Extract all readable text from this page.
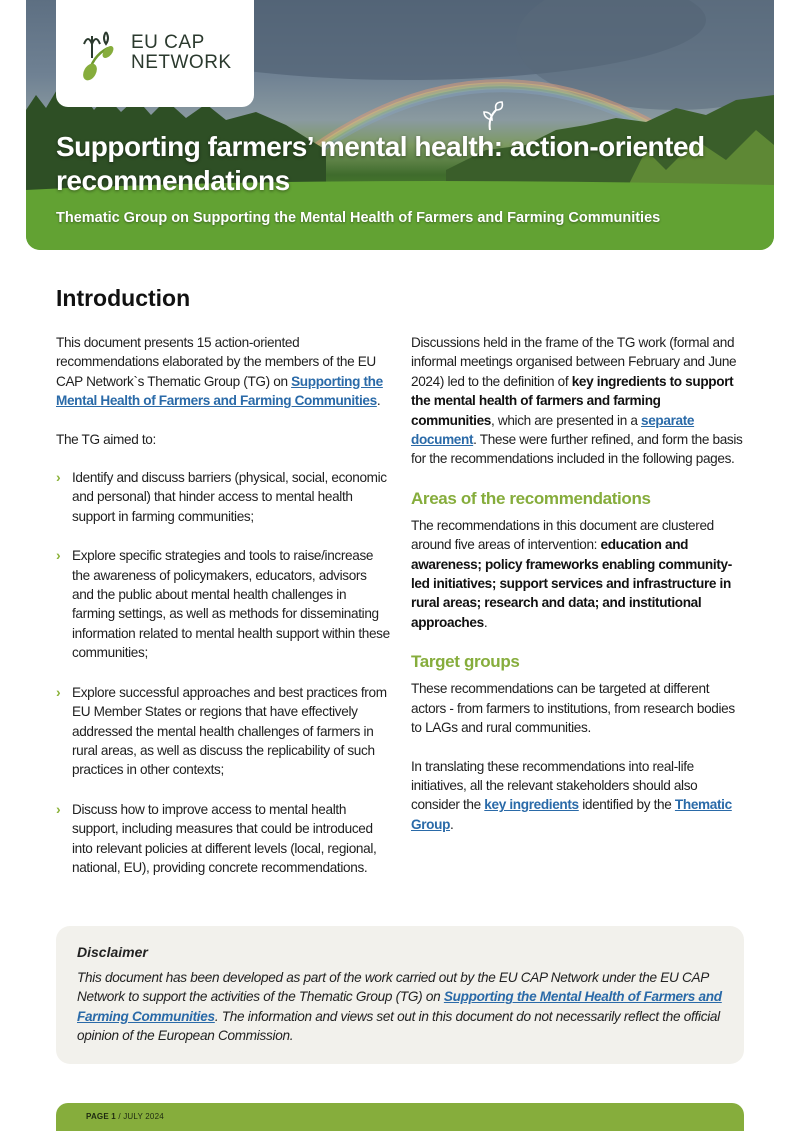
EU CAP
NETWORK
Supporting farmers’ mental health: action-oriented recommendations
Thematic Group on Supporting the Mental Health of Farmers and Farming Communities
Introduction

This document presents 15 action-oriented recommendations elaborated by the members of the EU CAP Network`s Thematic Group (TG) on Supporting the Mental Health of Farmers and Farming Communities.

The TG aimed to:

› Identify and discuss barriers (physical, social, economic and personal) that hinder access to mental health support in farming communities;
› Explore specific strategies and tools to raise/increase the awareness of policymakers, educators, advisors and the public about mental health challenges in farming settings, as well as methods for disseminating information related to mental health support within these communities;
› Explore successful approaches and best practices from EU Member States or regions that have effectively addressed the mental health challenges of farmers in rural areas, as well as discuss the replicability of such practices in other contexts;
› Discuss how to improve access to mental health support, including measures that could be introduced into relevant policies at different levels (local, regional, national, EU), providing concrete recommendations.

Discussions held in the frame of the TG work (formal and informal meetings organised between February and June 2024) led to the definition of key ingredients to support the mental health of farmers and farming communities, which are presented in a separate document. These were further refined, and form the basis for the recommendations included in the following pages.

Areas of the recommendations

The recommendations in this document are clustered around five areas of intervention: education and awareness; policy frameworks enabling community-led initiatives; support services and infrastructure in rural areas; research and data; and institutional approaches.

Target groups

These recommendations can be targeted at different actors - from farmers to institutions, from research bodies to LAGs and rural communities.

In translating these recommendations into real-life initiatives, all the relevant stakeholders should also consider the key ingredients identified by the Thematic Group.

Disclaimer
This document has been developed as part of the work carried out by the EU CAP Network under the EU CAP Network to support the activities of the Thematic Group (TG) on Supporting the Mental Health of Farmers and Farming Communities. The information and views set out in this document do not necessarily reflect the official opinion of the European Commission.
PAGE 1 / JULY 2024
